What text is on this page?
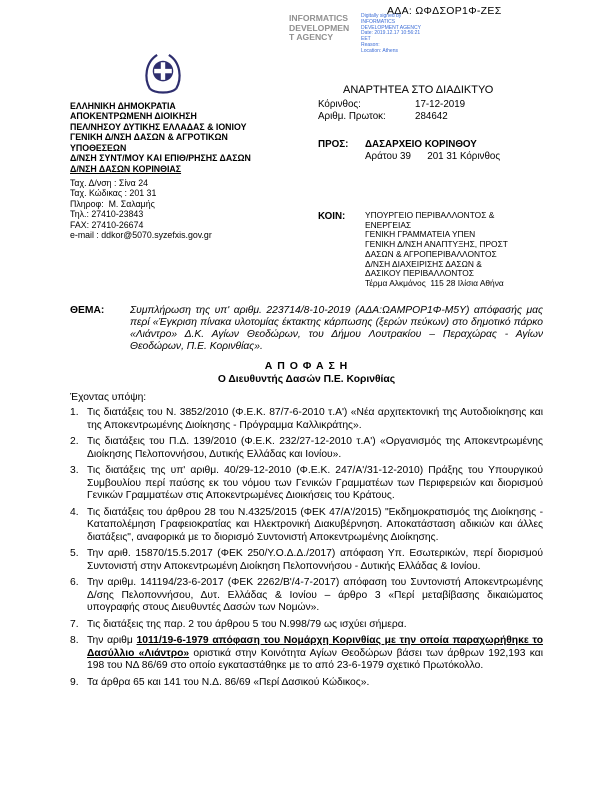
ΑΔΑ: ΩΦΔΣΟΡ1Φ-ΖΕΣ
INFORMATICS
DEVELOPMEN
T AGENCY
Digitally signed by
INFORMATICS
DEVELOPMENT AGENCY
Date: 2019.12.17 10:56:21
EET
Reason:
Location: Athens
ΕΛΛΗΝΙΚΗ ΔΗΜΟΚΡΑΤΙΑ
ΑΠΟΚΕΝΤΡΩΜΕΝΗ ΔΙΟΙΚΗΣΗ
ΠΕΛ/ΝΗΣΟΥ ΔΥΤΙΚΗΣ ΕΛΛΑΔΑΣ & ΙΟΝΙΟΥ
ΓΕΝΙΚΗ Δ/ΝΣΗ ΔΑΣΩΝ & ΑΓΡΟΤΙΚΩΝ
ΥΠΟΘΕΣΕΩΝ
Δ/ΝΣΗ ΣΥΝΤ/ΜΟΥ ΚΑΙ ΕΠΙΘ/ΡΗΣΗΣ ΔΑΣΩΝ
Δ/ΝΣΗ ΔΑΣΩΝ ΚΟΡΙΝΘΙΑΣ
Ταχ. Δ/νση : Σίνα 24
Ταχ. Κώδικας : 201 31
Πληροφ:  Μ. Σαλαμής
Τηλ.: 27410-23843
FAX: 27410-26674
e-mail : ddkor@5070.syzefxis.gov.gr
ΑΝΑΡΤΗΤΕΑ ΣΤΟ ΔΙΑΔΙΚΤΥΟ
Κόρινθος:	17-12-2019
Αριθμ. Πρωτοκ:	284642
ΠΡΟΣ: ΔΑΣΑΡΧΕΙΟ ΚΟΡΙΝΘΟΥ
Αράτου 39      201 31 Κόρινθος
ΚΟΙΝ:	ΥΠΟΥΡΓΕΙΟ ΠΕΡΙΒΑΛΛΟΝΤΟΣ &
ΕΝΕΡΓΕΙΑΣ
ΓΕΝΙΚΗ ΓΡΑΜΜΑΤΕΙΑ ΥΠΕΝ
ΓΕΝΙΚΗ Δ/ΝΣΗ ΑΝΑΠΤΥΞΗΣ, ΠΡΟΣΤ
ΔΑΣΩΝ & ΑΓΡΟΠΕΡΙΒΑΛΛΟΝΤΟΣ
Δ/ΝΣΗ ΔΙΑΧΕΙΡΙΣΗΣ ΔΑΣΩΝ &
ΔΑΣΙΚΟΥ ΠΕΡΙΒΑΛΛΟΝΤΟΣ
Τέρμα Αλκμάνος  115 28 Ιλίσια Αθήνα
ΘΕΜΑ:	Συμπλήρωση της υπ' αριθμ. 223714/8-10-2019 (ΑΔΑ:ΩΑΜΡΟΡ1Φ-Μ5Υ) απόφασής μας περί «Έγκριση πίνακα υλοτομίας έκτακτης κάρπωσης (ξερών πεύκων) στο δημοτικό πάρκο «Λιάντρο» Δ.Κ. Αγίων Θεοδώρων, του Δήμου Λουτρακίου – Περαχώρας - Αγίων Θεοδώρων, Π.Ε. Κορινθίας».
Α Π Ο Φ Α Σ Η
Ο Διευθυντής Δασών Π.Ε. Κορινθίας
Έχοντας υπόψη:
Τις διατάξεις του Ν. 3852/2010 (Φ.Ε.Κ. 87/7-6-2010 τ.Α') «Νέα αρχιτεκτονική της Αυτοδιοίκησης και της Αποκεντρωμένης Διοίκησης - Πρόγραμμα Καλλικράτης».
Τις διατάξεις του Π.Δ. 139/2010 (Φ.Ε.Κ. 232/27-12-2010 τ.Α') «Οργανισμός της Αποκεντρωμένης Διοίκησης Πελοποννήσου, Δυτικής Ελλάδας και Ιονίου».
Τις διατάξεις της υπ' αριθμ. 40/29-12-2010 (Φ.Ε.Κ. 247/Α'/31-12-2010) Πράξης του Υπουργικού Συμβουλίου περί παύσης εκ του νόμου των Γενικών Γραμματέων των Περιφερειών και διορισμού Γενικών Γραμματέων στις Αποκεντρωμένες Διοικήσεις του Κράτους.
Τις διατάξεις του άρθρου 28 του Ν.4325/2015 (ΦΕΚ 47/Α'/2015) "Εκδημοκρατισμός της Διοίκησης - Καταπολέμηση Γραφειοκρατίας και Ηλεκτρονική Διακυβέρνηση. Αποκατάσταση αδικιών και άλλες διατάξεις", αναφορικά με το διορισμό Συντονιστή Αποκεντρωμένης Διοίκησης.
Την αριθ. 15870/15.5.2017 (ΦΕΚ 250/Υ.Ο.Δ.Δ./2017) απόφαση Υπ. Εσωτερικών, περί διορισμού Συντονιστή στην Αποκεντρωμένη Διοίκηση Πελοποννήσου - Δυτικής Ελλάδας & Ιονίου.
Την αριθμ. 141194/23-6-2017 (ΦΕΚ 2262/Β'/4-7-2017) απόφαση του Συντονιστή Αποκεντρωμένης Δ/σης Πελοποννήσου, Δυτ. Ελλάδας & Ιονίου – άρθρο 3 «Περί μεταβίβασης δικαιώματος υπογραφής στους Διευθυντές Δασών των Νομών».
Τις διατάξεις της παρ. 2 του άρθρου 5 του Ν.998/79 ως ισχύει σήμερα.
Την αριθμ 1011/19-6-1979 απόφαση του Νομάρχη Κορινθίας με την οποία παραχωρήθηκε το Δασύλλιο «Λιάντρο» οριστικά στην Κοινότητα Αγίων Θεοδώρων βάσει των άρθρων 192,193 και 198 του ΝΔ 86/69 στο οποίο εγκαταστάθηκε με το από 23-6-1979 σχετικό Πρωτόκολλο.
Τα άρθρα 65 και 141 του Ν.Δ. 86/69 «Περί Δασικού Κώδικος».
